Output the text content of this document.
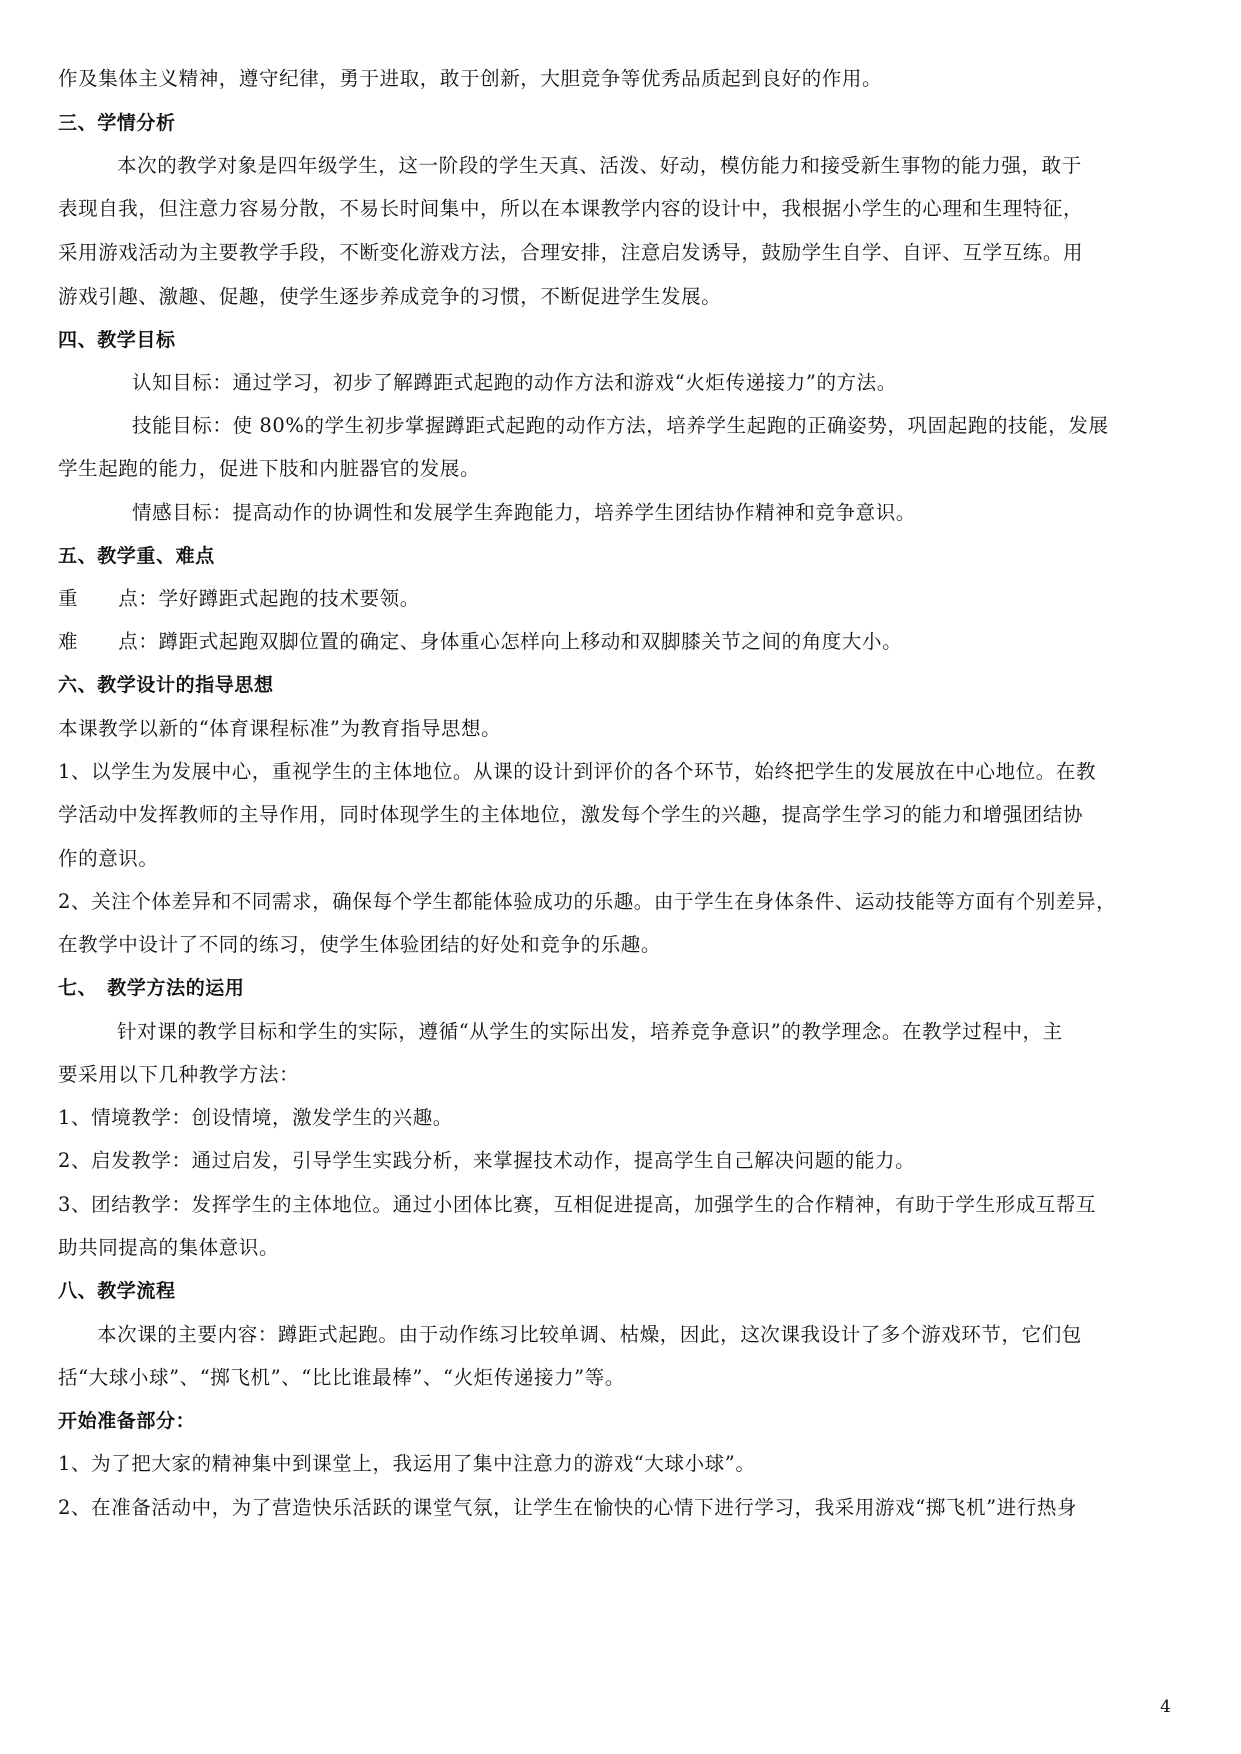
作及集体主义精神，遵守纪律，勇于进取，敢于创新，大胆竞争等优秀品质起到良好的作用。
三、学情分析
本次的教学对象是四年级学生，这一阶段的学生天真、活泼、好动，模仿能力和接受新生事物的能力强，敢于
表现自我，但注意力容易分散，不易长时间集中，所以在本课教学内容的设计中，我根据小学生的心理和生理特征，
采用游戏活动为主要教学手段，不断变化游戏方法，合理安排，注意启发诱导，鼓励学生自学、自评、互学互练。用
游戏引趣、激趣、促趣，使学生逐步养成竞争的习惯，不断促进学生发展。
四、教学目标
认知目标：通过学习，初步了解蹲距式起跑的动作方法和游戏“火炬传递接力”的方法。
技能目标：使 80%的学生初步掌握蹲距式起跑的动作方法，培养学生起跑的正确姿势，巩固起跑的技能，发展
学生起跑的能力，促进下肢和内脏器官的发展。
情感目标：提高动作的协调性和发展学生奔跑能力，培养学生团结协作精神和竞争意识。
五、教学重、难点
重　　点：学好蹲距式起跑的技术要领。
难　　点：蹲距式起跑双脚位置的确定、身体重心怎样向上移动和双脚膝关节之间的角度大小。
六、教学设计的指导思想
本课教学以新的“体育课程标准”为教育指导思想。
1、以学生为发展中心，重视学生的主体地位。从课的设计到评价的各个环节，始终把学生的发展放在中心地位。在教
学活动中发挥教师的主导作用，同时体现学生的主体地位，激发每个学生的兴趣，提高学生学习的能力和增强团结协
作的意识。
2、关注个体差异和不同需求，确保每个学生都能体验成功的乐趣。由于学生在身体条件、运动技能等方面有个别差异，
在教学中设计了不同的练习，使学生体验团结的好处和竞争的乐趣。
七、　教学方法的运用
针对课的教学目标和学生的实际，遵循“从学生的实际出发，培养竞争意识”的教学理念。在教学过程中，主
要采用以下几种教学方法：
1、情境教学：创设情境，激发学生的兴趣。
2、启发教学：通过启发，引导学生实践分析，来掌握技术动作，提高学生自己解决问题的能力。
3、团结教学：发挥学生的主体地位。通过小团体比赛，互相促进提高，加强学生的合作精神，有助于学生形成互帮互
助共同提高的集体意识。
八、教学流程
本次课的主要内容：蹲距式起跑。由于动作练习比较单调、枯燥，因此，这次课我设计了多个游戏环节，它们包
括“大球小球”、“掷飞机”、“比比谁最棒”、“火炬传递接力”等。
开始准备部分：
1、为了把大家的精神集中到课堂上，我运用了集中注意力的游戏“大球小球”。
2、在准备活动中，为了营造快乐活跃的课堂气氛，让学生在愉快的心情下进行学习，我采用游戏“掷飞机”进行热身
4
